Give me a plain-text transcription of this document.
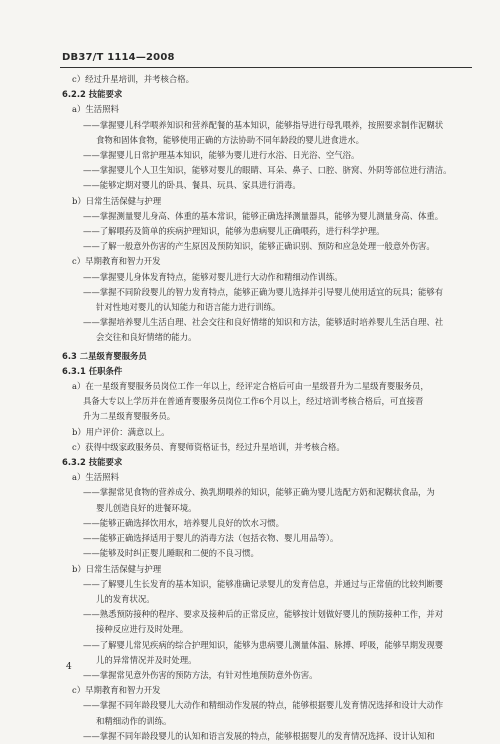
DB37/T 1114—2008
c）经过升星培训，并考核合格。
6.2.2 技能要求
a）生活照料
——掌握婴儿科学喂养知识和营养配餐的基本知识，能够指导进行母乳喂养，按照要求制作泥糊状
食物和固体食物，能够使用正确的方法协助不同年龄段的婴儿进食进水。
——掌握婴儿日常护理基本知识，能够为婴儿进行水浴、日光浴、空气浴。
——掌握婴儿个人卫生知识，能够对婴儿的眼睛、耳朵、鼻子、口腔、脐窝、外阴等部位进行清洁。
——能够定期对婴儿的卧具、餐具、玩具、家具进行消毒。
b）日常生活保健与护理
——掌握测量婴儿身高、体重的基本常识，能够正确选择测量器具，能够为婴儿测量身高、体重。
——了解喂药及简单的疾病护理知识，能够为患病婴儿正确喂药，进行科学护理。
——了解一般意外伤害的产生原因及预防知识，能够正确识别、预防和应急处理一般意外伤害。
c）早期教育和智力开发
——掌握婴儿身体发育特点，能够对婴儿进行大动作和精细动作训练。
——掌握不同阶段婴儿的智力发育特点，能够正确为婴儿选择并引导婴儿使用适宜的玩具；能够有
针对性地对婴儿的认知能力和语言能力进行训练。
——掌握培养婴儿生活自理、社会交往和良好情绪的知识和方法，能够适时培养婴儿生活自理、社
会交往和良好情绪的能力。
6.3 二星级育婴服务员
6.3.1 任职条件
a）在一星级育婴服务员岗位工作一年以上，经评定合格后可由一星级晋升为二星级育婴服务员，
具备大专以上学历并在普通育婴服务员岗位工作6个月以上，经过培训考核合格后，可直接晋
升为二星级育婴服务员。
b）用户评价：满意以上。
c）获得中级家政服务员、育婴师资格证书，经过升星培训，并考核合格。
6.3.2 技能要求
a）生活照料
——掌握常见食物的营养成分、换乳期喂养的知识，能够正确为婴儿选配方奶和泥糊状食品，为
婴儿创造良好的进餐环境。
——能够正确选择饮用水，培养婴儿良好的饮水习惯。
——能够正确选择适用于婴儿的消毒方法（包括衣物、婴儿用品等）。
——能够及时纠正婴儿睡眠和二便的不良习惯。
b）日常生活保健与护理
——了解婴儿生长发育的基本知识，能够准确记录婴儿的发育信息，并通过与正常值的比较判断婴
儿的发育状况。
——熟悉预防接种的程序、要求及接种后的正常反应，能够按计划做好婴儿的预防接种工作，并对
接种反应进行及时处理。
——了解婴儿常见疾病的综合护理知识，能够为患病婴儿测量体温、脉搏、呼吸，能够早期发现婴
儿的异常情况并及时处理。
——掌握常见意外伤害的预防方法，有针对性地预防意外伤害。
c）早期教育和智力开发
——掌握不同年龄段婴儿大动作和精细动作发展的特点，能够根据婴儿发育情况选择和设计大动作
和精细动作的训练。
——掌握不同年龄段婴儿的认知和语言发展的特点，能够根据婴儿的发育情况选择、设计认知和
4
